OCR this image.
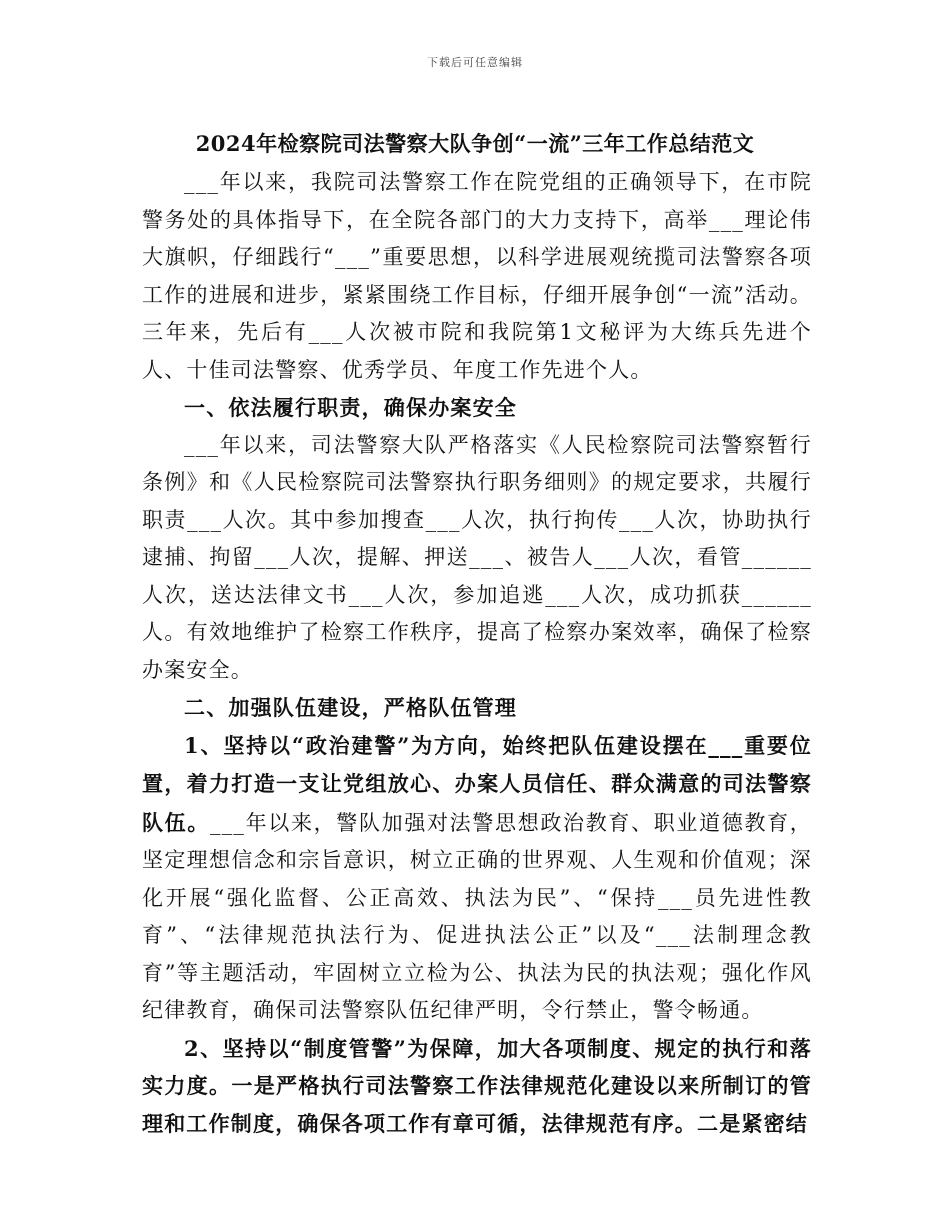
下载后可任意编辑
2024年检察院司法警察大队争创“一流”三年工作总结范文

___年以来，我院司法警察工作在院党组的正确领导下，在市院警务处的具体指导下，在全院各部门的大力支持下，高举___理论伟大旗帜，仔细践行“___”重要思想，以科学进展观统揽司法警察各项工作的进展和进步，紧紧围绕工作目标，仔细开展争创“一流”活动。三年来，先后有___人次被市院和我院第1文秘评为大练兵先进个人、十佳司法警察、优秀学员、年度工作先进个人。

一、依法履行职责，确保办案安全

___年以来，司法警察大队严格落实《人民检察院司法警察暂行条例》和《人民检察院司法警察执行职务细则》的规定要求，共履行职责___人次。其中参加搜查___人次，执行拘传___人次，协助执行逮捕、拘留___人次，提解、押送___、被告人___人次，看管______人次，送达法律文书___人次，参加追逃___人次，成功抓获______人。有效地维护了检察工作秩序，提高了检察办案效率，确保了检察办案安全。

二、加强队伍建设，严格队伍管理

1、坚持以“政治建警”为方向，始终把队伍建设摆在___重要位置，着力打造一支让党组放心、办案人员信任、群众满意的司法警察队伍。___年以来，警队加强对法警思想政治教育、职业道德教育，坚定理想信念和宗旨意识，树立正确的世界观、人生观和价值观；深化开展“强化监督、公正高效、执法为民”、“保持___员先进性教育”、“法律规范执法行为、促进执法公正”以及“___法制理念教育”等主题活动，牢固树立立检为公、执法为民的执法观；强化作风纪律教育，确保司法警察队伍纪律严明，令行禁止，警令畅通。

2、坚持以“制度管警”为保障，加大各项制度、规定的执行和落实力度。一是严格执行司法警察工作法律规范化建设以来所制订的管理和工作制度，确保各项工作有章可循，法律规范有序。二是紧密结
